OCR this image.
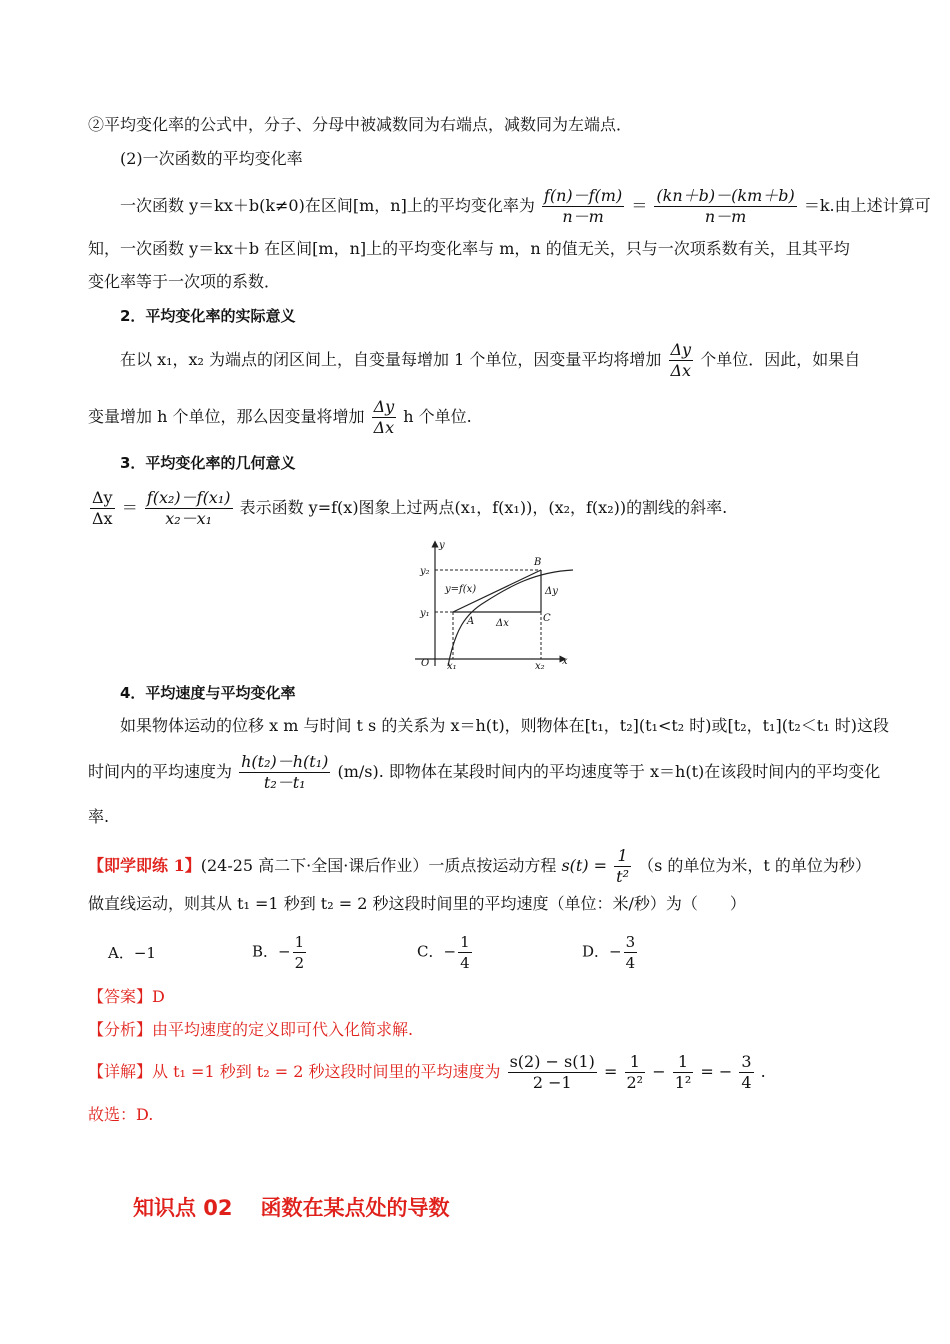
②平均变化率的公式中，分子、分母中被减数同为右端点，减数同为左端点．
(2)一次函数的平均变化率
一次函数 y＝kx＋b(k≠0)在区间[m，n]上的平均变化率为 $\frac{f(n)-f(m)}{n-m} = \frac{(kn+b)-(km+b)}{n-m} =k$.由上述计算可
知，一次函数 y＝kx＋b 在区间[m，n]上的平均变化率与 m，n 的值无关，只与一次项系数有关，且其平均
变化率等于一次项的系数．
2．平均变化率的实际意义
在以 x₁，x₂ 为端点的闭区间上，自变量每增加 1 个单位，因变量平均将增加 $\frac{\Delta y}{\Delta x}$ 个单位．因此，如果自
变量增加 h 个单位，那么因变量将增加 $\frac{\Delta y}{\Delta x}$ h 个单位.
3．平均变化率的几何意义
$\frac{\Delta y}{\Delta x} = \frac{\text{f(x₂)－f(x₁)}}{\text{x₂－x₁}}$ 表示函数 y=f(x)图象上过两点(x₁，f(x₁))，(x₂，f(x₂))的割线的斜率.
y
x
O
y₂
y₁
x₁	x₂
y=f(x)
A
B
C
Δx
Δy
4．平均速度与平均变化率
如果物体运动的位移 x m 与时间 t s 的关系为 x＝h(t)，则物体在[t₁，t₂](t₁<t₂ 时)或[t₂，t₁](t₂＜t₁ 时)这段
时间内的平均速度为 $\frac{\text{h(t₂)－h(t₁)}}{\text{t₂－t₁}} (m/s)$. 即物体在某段时间内的平均速度等于 x＝h(t)在该段时间内的平均变化
率.
【即学即练 1】(24-25 高二下·全国·课后作业）一质点按运动方程 $s(t) = \frac{1}{\text{t²}} (s$ 的单位为米，t 的单位为秒）
做直线运动，则其从 t₁ =1 秒到 t₂ = 2 秒这段时间里的平均速度（单位：米/秒）为（　　）
A．−1	B．− $\frac{1}{2}$	C．− $\frac{1}{4}$	D．− $\frac{3}{4}$
【答案】D
【分析】由平均速度的定义即可代入化简求解.
【详解】从 t₁ =1 秒到 t₂ = 2 秒这段时间里的平均速度为 $\frac{s(2) - s(1)}{2 -1} = \frac{1}{\text{2²}} - \frac{1}{\text{1²}}$ = − $\frac{3}{4}$ .
故选：D.
知识点 02 函数在某点处的导数
